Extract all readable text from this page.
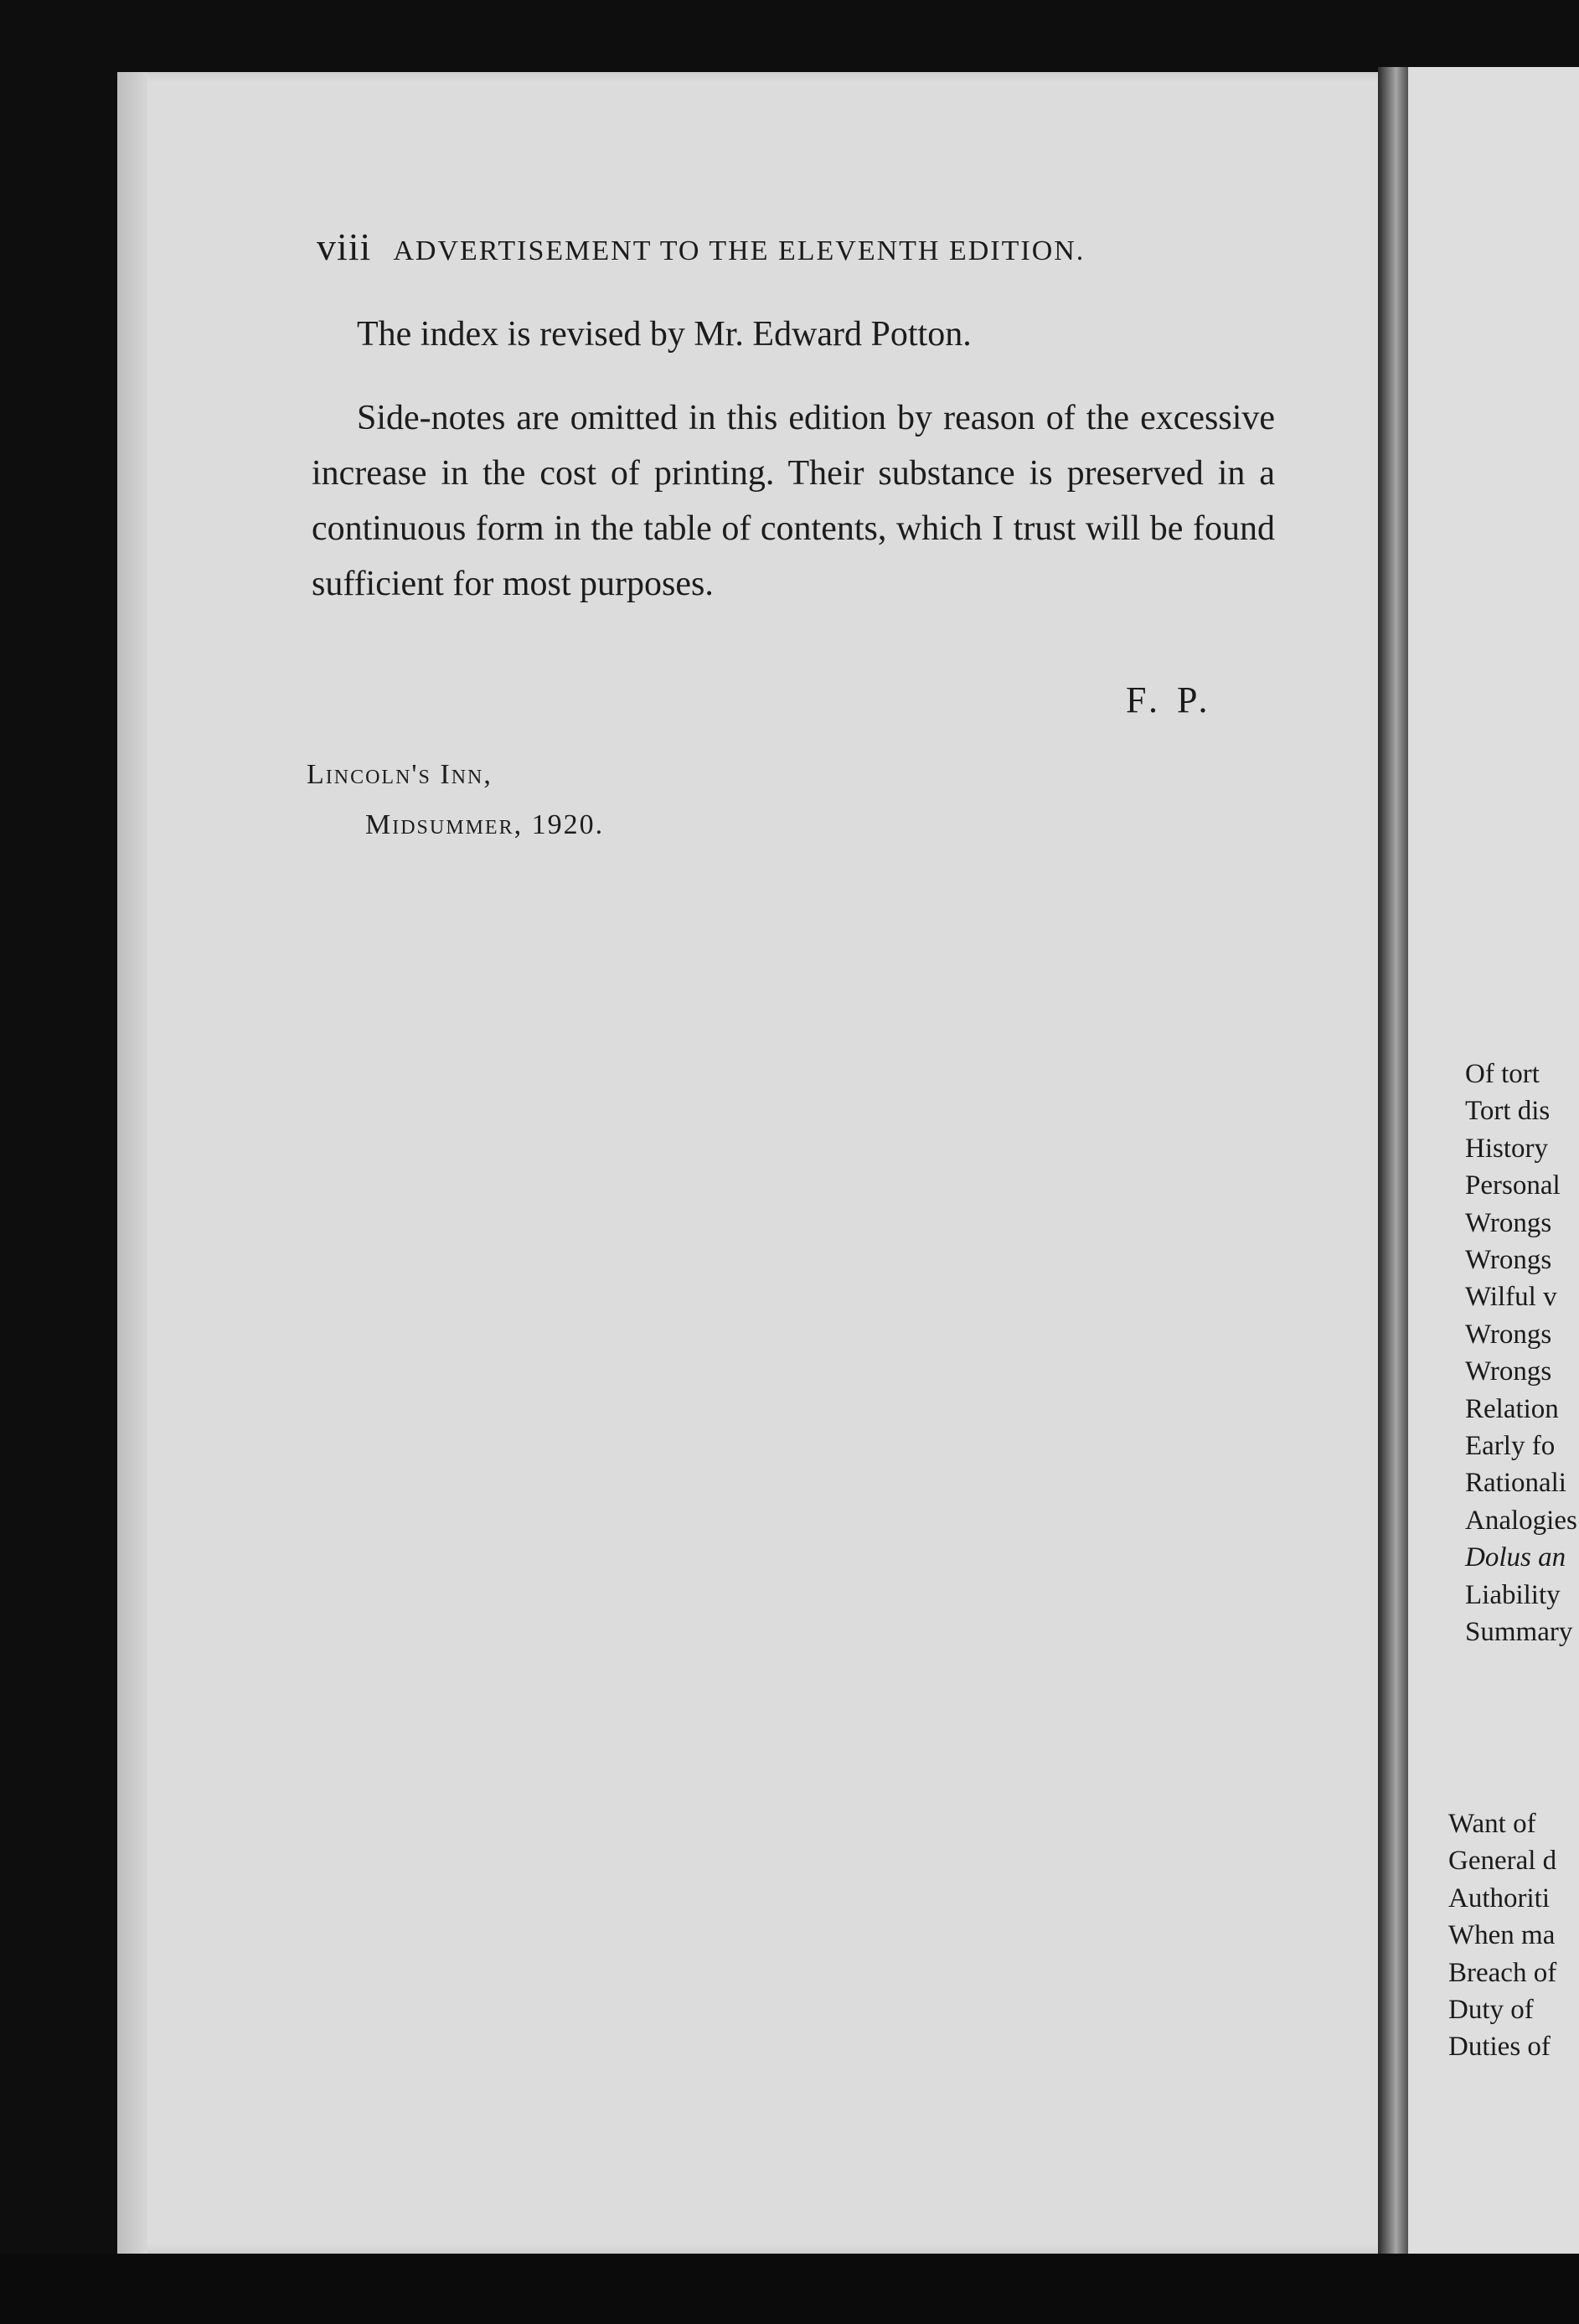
Of tort
Tort dis
History
Personal
Wrongs
Wrongs
Wilful v
Wrongs
Wrongs
Relation
Early fo
Rationali
Analogies
Dolus an
Liability
Summary
Want of
General d
Authoriti
When ma
Breach of
Duty of
Duties of
viii ADVERTISEMENT TO THE ELEVENTH EDITION.

The index is revised by Mr. Edward Potton.

Side-notes are omitted in this edition by reason of the excessive increase in the cost of printing. Their substance is preserved in a continuous form in the table of contents, which I trust will be found sufficient for most purposes.

F. P.
Lincoln's Inn,
Midsummer, 1920.
